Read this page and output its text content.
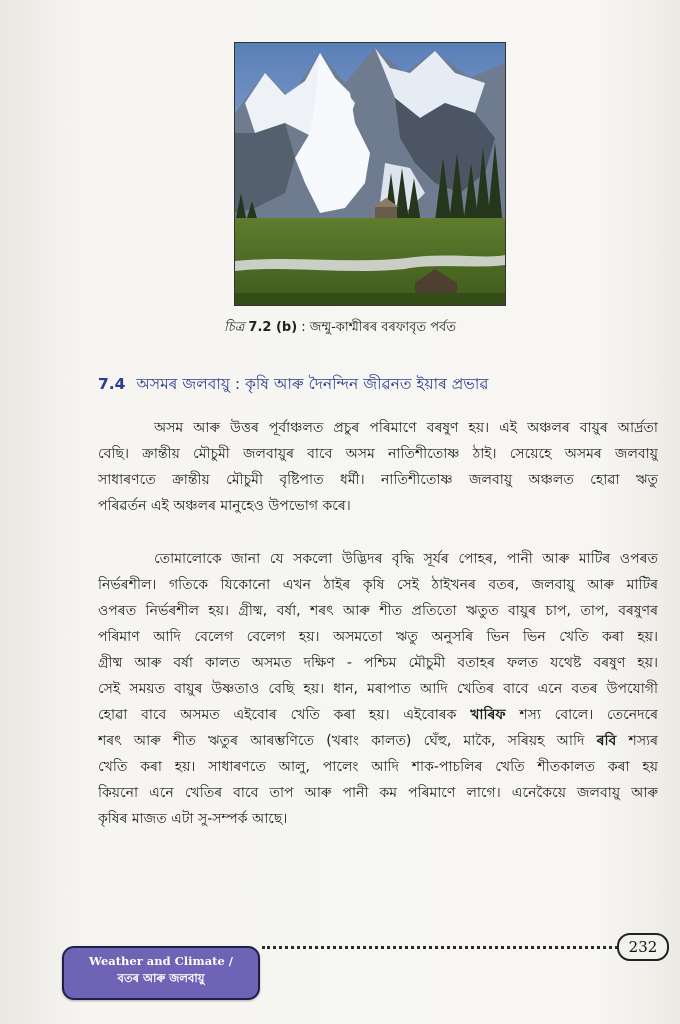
চিত্ৰ 7.2 (b) : জম্মু-কাশ্মীৰৰ বৰফাবৃত পৰ্বত
7.4 অসমৰ জলবায়ু : কৃষি আৰু দৈনন্দিন জীৱনত ইয়াৰ প্ৰভাৱ
অসম আৰু উত্তৰ পূৰ্বাঞ্চলত প্ৰচুৰ পৰিমাণে বৰষুণ হয়। এই অঞ্চলৰ বায়ুৰ আৰ্দ্ৰতা
বেছি। ক্ৰান্তীয় মৌচুমী জলবায়ুৰ বাবে অসম নাতিশীতোষ্ণ ঠাই। সেয়েহে অসমৰ জলবায়ু
সাধাৰণতে ক্ৰান্তীয় মৌচুমী বৃষ্টিপাত ধৰ্মী। নাতিশীতোষ্ণ জলবায়ু অঞ্চলত হোৱা ঋতু
পৰিৱৰ্তন এই অঞ্চলৰ মানুহেও উপভোগ কৰে।
তোমালোকে জানা যে সকলো উদ্ভিদৰ বৃদ্ধি সূৰ্যৰ পোহৰ, পানী আৰু মাটিৰ ওপৰত
নিৰ্ভৰশীল। গতিকে যিকোনো এখন ঠাইৰ কৃষি সেই ঠাইখনৰ বতৰ, জলবায়ু আৰু মাটিৰ
ওপৰত নিৰ্ভৰশীল হয়। গ্ৰীষ্ম, বৰ্ষা, শৰৎ আৰু শীত প্ৰতিতো ঋতুত বায়ুৰ চাপ, তাপ, বৰষুণৰ
পৰিমাণ আদি বেলেগ বেলেগ হয়। অসমতো ঋতু অনুসৰি ভিন ভিন খেতি কৰা হয়।
গ্ৰীষ্ম আৰু বৰ্ষা কালত অসমত দক্ষিণ - পশ্চিম মৌচুমী বতাহৰ ফলত যথেষ্ট বৰষুণ হয়।
সেই সময়ত বায়ুৰ উষ্ণতাও বেছি হয়। ধান, মৰাপাত আদি খেতিৰ বাবে এনে বতৰ উপযোগী
হোৱা বাবে অসমত এইবোৰ খেতি কৰা হয়। এইবোৰক খাৰিফ শস্য বোলে। তেনেদৰে
শৰৎ আৰু শীত ঋতুৰ আৰম্ভণিতে (খৰাং কালত) ঘেঁহু, মাকৈ, সৰিয়হ আদি ৰবি শস্যৰ
খেতি কৰা হয়। সাধাৰণতে আলু, পালেং আদি শাক-পাচলিৰ খেতি শীতকালত কৰা হয়
কিয়নো এনে খেতিৰ বাবে তাপ আৰু পানী কম পৰিমাণে লাগে। এনেকৈয়ে জলবায়ু আৰু
কৃষিৰ মাজত এটা সু-সম্পৰ্ক আছে।
232
Weather and Climate /
বতৰ আৰু জলবায়ু
